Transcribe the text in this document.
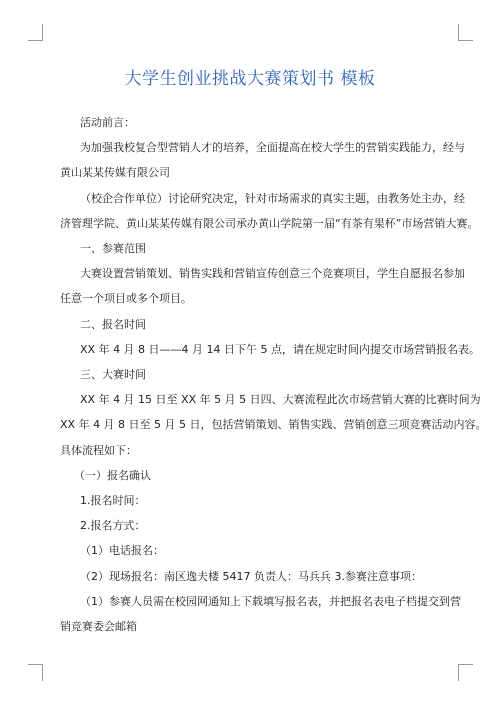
大学生创业挑战大赛策划书 模板

活动前言：

为加强我校复合型营销人才的培养，全面提高在校大学生的营销实践能力，经与

黄山某某传媒有限公司

（校企合作单位）讨论研究决定，针对市场需求的真实主题，由教务处主办，经

济管理学院、黄山某某传媒有限公司承办黄山学院第一届“有茶有果杯”市场营销大赛。

一、参赛范围

大赛设置营销策划、销售实践和营销宣传创意三个竞赛项目，学生自愿报名参加

任意一个项目或多个项目。

二、报名时间

XX 年 4 月 8 日——4 月 14 日下午 5 点，请在规定时间内提交市场营销报名表。

三、大赛时间

XX 年 4 月 15 日至 XX 年 5 月 5 日四、大赛流程此次市场营销大赛的比赛时间为

XX 年 4 月 8 日至 5 月 5 日，包括营销策划、销售实践、营销创意三项竞赛活动内容。

具体流程如下：

（一）报名确认

1.报名时间：

2.报名方式：

（1）电话报名：

（2）现场报名：南区逸夫楼 5417 负责人：马兵兵 3.参赛注意事项：

（1）参赛人员需在校园网通知上下载填写报名表，并把报名表电子档提交到营

销竞赛委会邮箱
